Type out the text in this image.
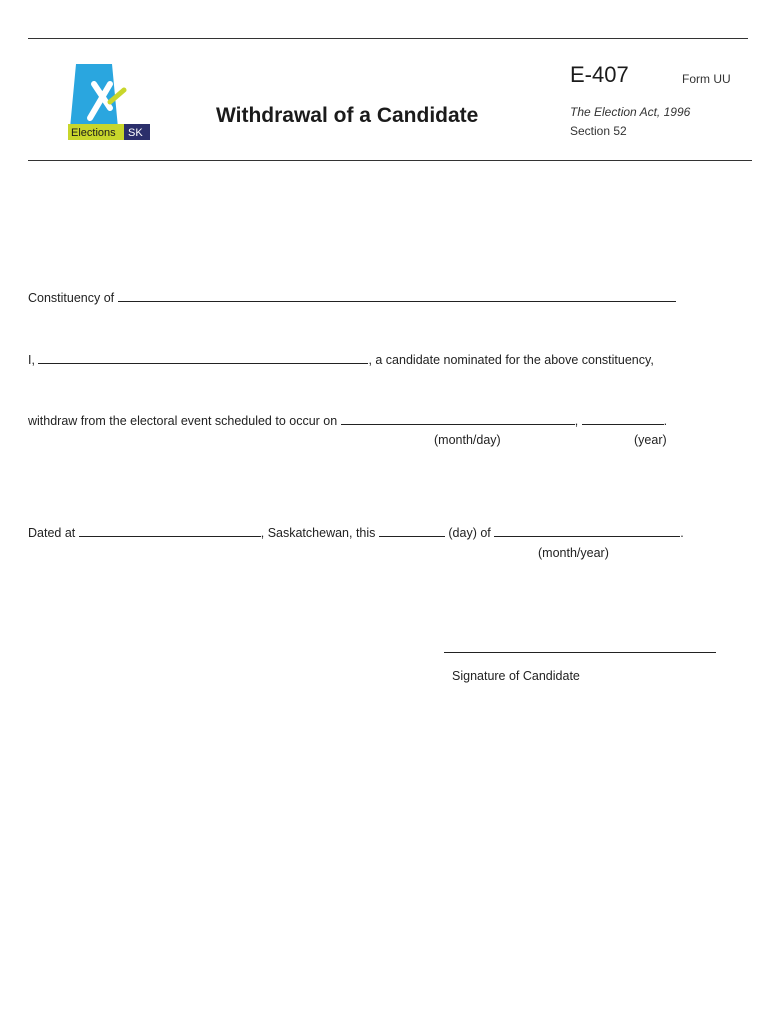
Elections SK
Withdrawal of a Candidate
E-407	Form UU
The Election Act, 1996
Section 52
Constituency of
I,	, a candidate nominated for the above constituency,
withdraw from the electoral event scheduled to occur on	,	.
(month/day)	(year)
Dated at	, Saskatchewan, this	(day) of	.
(month/year)
Signature of Candidate
